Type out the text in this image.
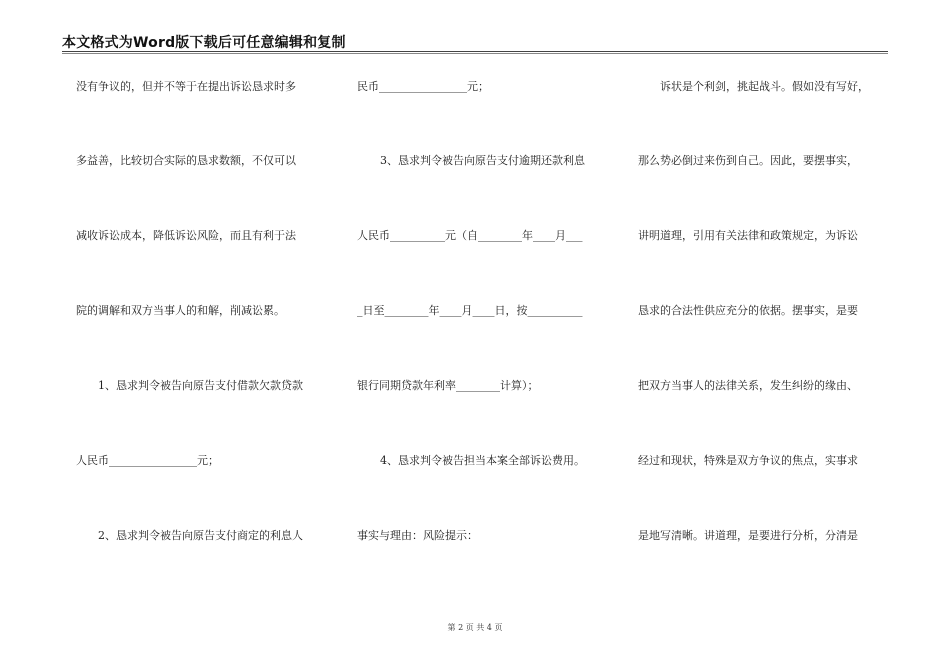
本文格式为Word版下载后可任意编辑和复制
没有争议的，但并不等于在提出诉讼恳求时多
多益善，比较切合实际的恳求数额，不仅可以
减收诉讼成本，降低诉讼风险，而且有利于法
院的调解和双方当事人的和解，削减讼累。
1、恳求判令被告向原告支付借款欠款贷款
人民币________________元；
2、恳求判令被告向原告支付商定的利息人
民币________________元；
3、恳求判令被告向原告支付逾期还款利息
人民币__________元（自________年____月___
_日至________年____月____日，按__________
银行同期贷款年利率________计算）；
4、恳求判令被告担当本案全部诉讼费用。
事实与理由：风险提示：
诉状是个利剑，挑起战斗。假如没有写好，
那么势必倒过来伤到自己。因此，要摆事实，
讲明道理，引用有关法律和政策规定，为诉讼
恳求的合法性供应充分的依据。摆事实，是要
把双方当事人的法律关系，发生纠纷的缘由、
经过和现状，特殊是双方争议的焦点，实事求
是地写清晰。讲道理，是要进行分析，分清是
第 2 页 共 4 页
